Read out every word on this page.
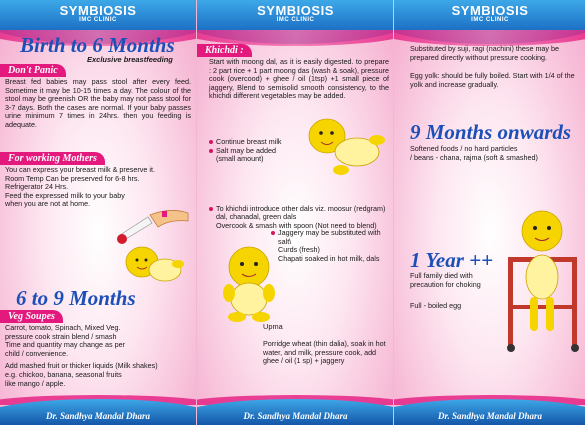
SYMBIOSIS
IMC CLINIC
Birth to 6 Months
Exclusive breastfeeding
Don't Panic
Breast fed babies may pass stool after every feed. Sometime it may be 10-15 times a day. The colour of the stool may be greenish OR the baby may not pass stool for 3-7 days. Both the cases are normal. If your baby passes urine minimum 7 times in 24hrs. then you feeding is adequate.
For working Mothers

You can express your breast milk & preserve it.

Room Temp Can be preserved for 6-8 hrs.

Refrigerator 24 Hrs.

Feed the expressed milk to your baby

when you are not at home.

6 to 9 Months
Veg Soupes

Carrot, tomato, Spinach, Mixed Veg.

pressure cook strain blend / smash

Time and quantity may change as per

child / convenience.

Add mashed fruit or thicker liquids (Milk shakes)

e.g. chickoo, banana, seasonal fruits

like mango / apple.

Dr. Sandhya Mandal Dhara
SYMBIOSIS
IMC CLINIC
Khichdi :
Start with moong dal, as it is easily digested. to prepare : 2 part rice + 1 part moong das (wash & soak), pressure cook (overcood) + ghee / oil (1tsp) +1 small piece of jaggery, Blend to semisolid smooth consistency, to the khichdi different vegetables may be added.

Continue breast milk

Salt may be added
(small amount)

To khichdi introduce other dals viz. moosur (redgram) dal, chanadal, green dals
Overcook & smash with spoon (Not need to blend)

Jaggery may be substituted with salt\
Curds (fresh)
Chapati soaked in hot milk, dals

Upma
Porridge wheat (thin dalia), soak in hot water, and milk, pressure cook, add ghee / oil (1 sp) + jaggery
Dr. Sandhya Mandal Dhara
SYMBIOSIS
IMC CLINIC
Substituted by suji, ragi (nachini) these may be prepared directly without pressure cooking.
Egg yolk: should be fully boiled. Start with 1/4 of the yolk and increase gradually.
9 Months onwards
Softened foods / no hard particles
/ beans - chana, rajma (soft & smashed)
1 Year ++
Full family died with
precaution for choking
Full - boiled egg
Dr. Sandhya Mandal Dhara
